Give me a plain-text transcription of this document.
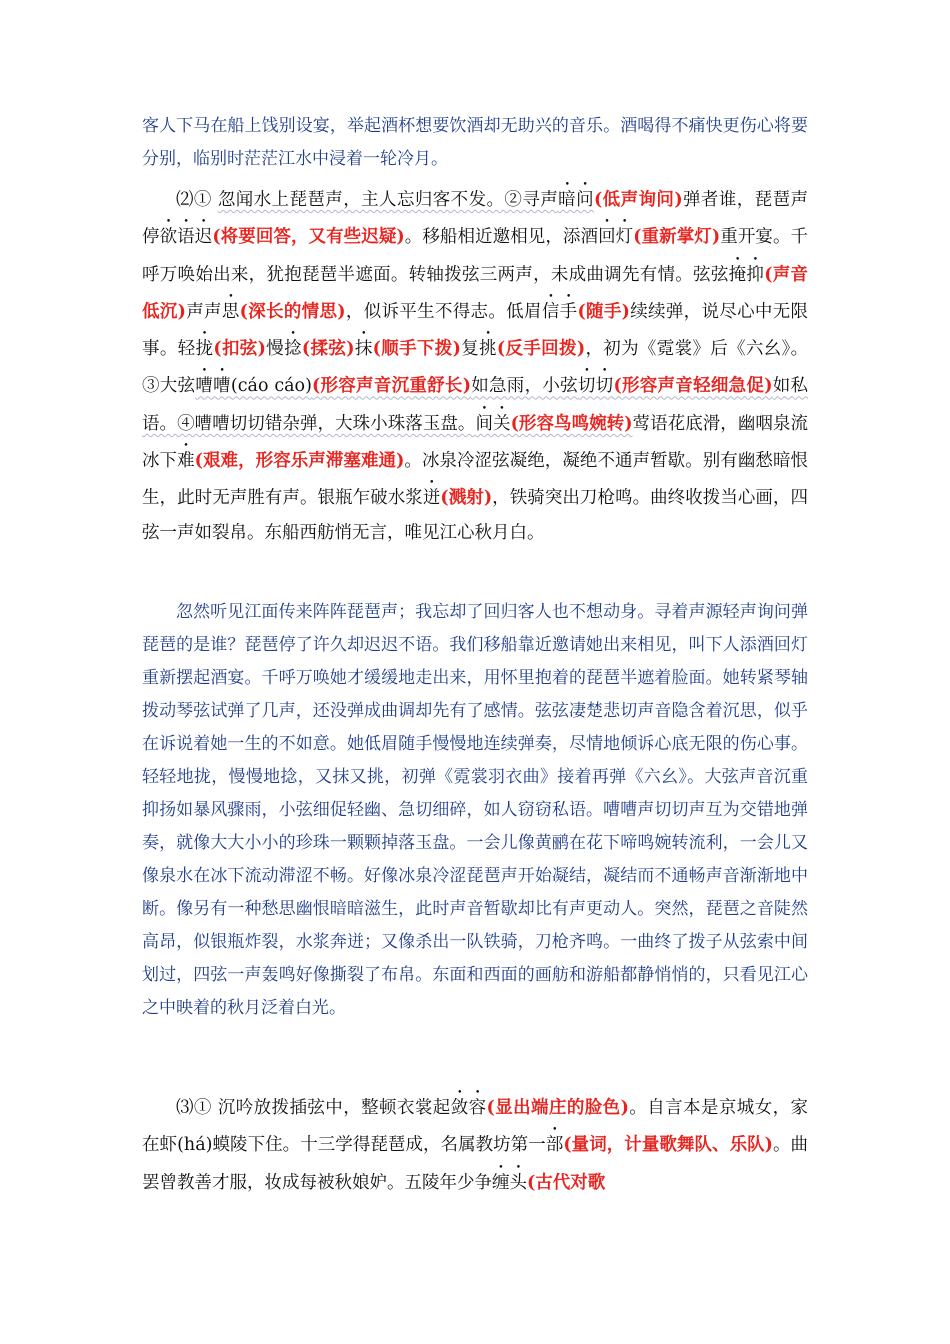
客人下马在船上饯别设宴，举起酒杯想要饮酒却无助兴的音乐。酒喝得不痛快更伤心将要分别，临别时茫茫江水中浸着一轮冷月。

⑵① 忽闻水上琵琶声，主人忘归客不发。②寻声暗问(低声询问)弹者谁，琵琶声停欲语迟(将要回答，又有些迟疑)。移船相近邀相见，添酒回灯(重新掌灯)重开宴。千呼万唤始出来，犹抱琵琶半遮面。转轴拨弦三两声，未成曲调先有情。弦弦掩抑(声音低沉)声声思(深长的情思)，似诉平生不得志。低眉信手(随手)续续弹，说尽心中无限事。轻拢(扣弦)慢捻(揉弦)抹(顺手下拨)复挑(反手回拨)，初为《霓裳》后《六幺》。③大弦嘈嘈(cáo cáo)(形容声音沉重舒长)如急雨，小弦切切(形容声音轻细急促)如私语。④嘈嘈切切错杂弹，大珠小珠落玉盘。间关(形容鸟鸣婉转)莺语花底滑，幽咽泉流冰下难(艰难，形容乐声滞塞难通)。冰泉冷涩弦凝绝，凝绝不通声暂歇。别有幽愁暗恨生，此时无声胜有声。银瓶乍破水浆迸(溅射)，铁骑突出刀枪鸣。曲终收拨当心画，四弦一声如裂帛。东船西舫悄无言，唯见江心秋月白。

忽然听见江面传来阵阵琵琶声；我忘却了回归客人也不想动身。寻着声源轻声询问弹琵琶的是谁？琵琶停了许久却迟迟不语。我们移船靠近邀请她出来相见，叫下人添酒回灯重新摆起酒宴。千呼万唤她才缓缓地走出来，用怀里抱着的琵琶半遮着脸面。她转紧琴轴拨动琴弦试弹了几声，还没弹成曲调却先有了感情。弦弦凄楚悲切声音隐含着沉思，似乎在诉说着她一生的不如意。她低眉随手慢慢地连续弹奏，尽情地倾诉心底无限的伤心事。轻轻地拢，慢慢地捻，又抹又挑，初弹《霓裳羽衣曲》接着再弹《六幺》。大弦声音沉重抑扬如暴风骤雨，小弦细促轻幽、急切细碎，如人窃窃私语。嘈嘈声切切声互为交错地弹奏，就像大大小小的珍珠一颗颗掉落玉盘。一会儿像黄鹂在花下啼鸣婉转流利，一会儿又像泉水在冰下流动滞涩不畅。好像冰泉冷涩琵琶声开始凝结，凝结而不通畅声音渐渐地中断。像另有一种愁思幽恨暗暗滋生，此时声音暂歇却比有声更动人。突然，琵琶之音陡然高昂，似银瓶炸裂，水浆奔迸；又像杀出一队铁骑，刀枪齐鸣。一曲终了拨子从弦索中间划过，四弦一声轰鸣好像撕裂了布帛。东面和西面的画舫和游船都静悄悄的，只看见江心之中映着的秋月泛着白光。

⑶① 沉吟放拨插弦中，整顿衣裳起敛容(显出端庄的脸色)。自言本是京城女，家在虾(há)蟆陵下住。十三学得琵琶成，名属教坊第一部(量词，计量歌舞队、乐队)。曲罢曾教善才服，妆成每被秋娘妒。五陵年少争缠头(古代对歌
